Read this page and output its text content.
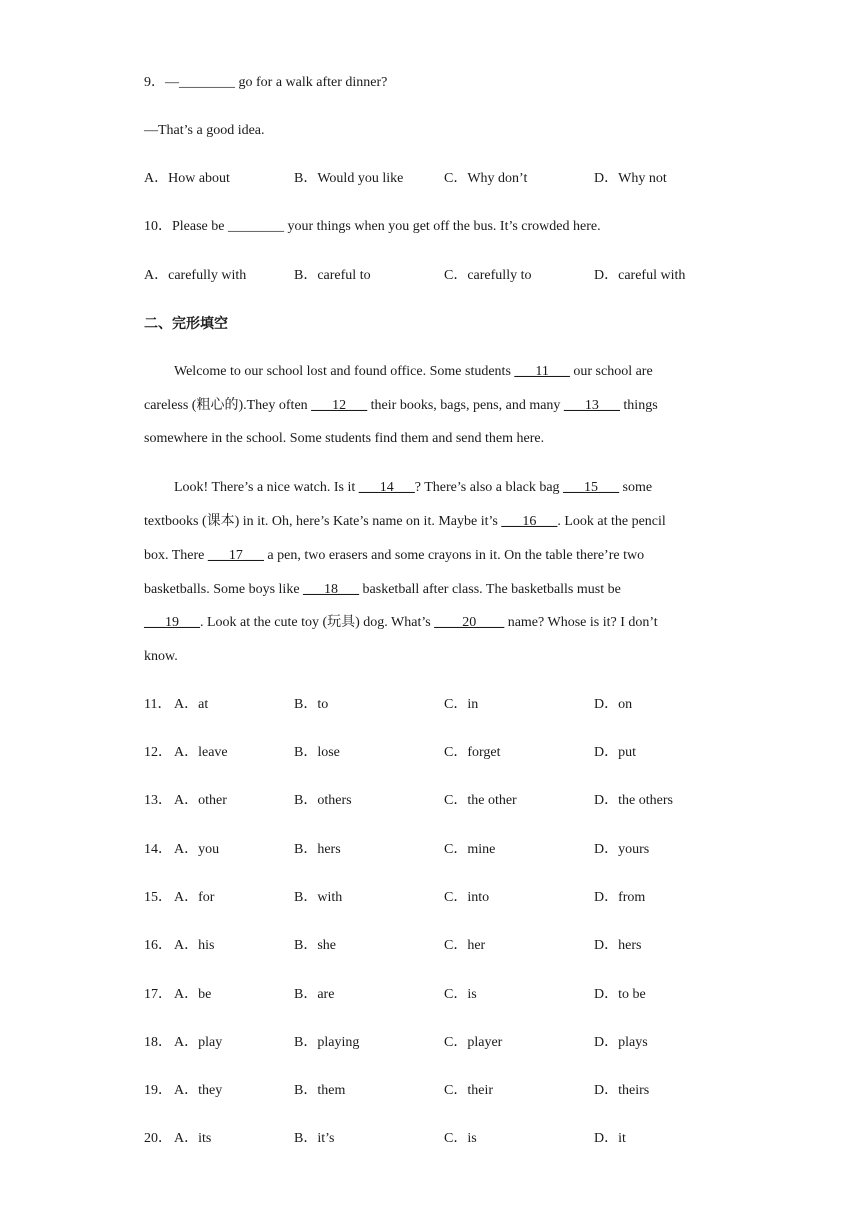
9．—________ go for a walk after dinner?
—That’s a good idea.
A．How about	B．Would you like	C．Why don’t	D．Why not
10．Please be ________ your things when you get off the bus. It’s crowded here.
A．carefully with	B．careful to	C．carefully to	D．careful with
二、完形填空
Welcome to our school lost and found office. Some students ___11___ our school are
careless (粗心的).They often ___12___ their books, bags, pens, and many ___13___ things
somewhere in the school. Some students find them and send them here.
Look! There’s a nice watch. Is it ___14___? There’s also a black bag ___15___ some
textbooks (课本) in it. Oh, here’s Kate’s name on it. Maybe it’s ___16___. Look at the pencil
box. There ___17___ a pen, two erasers and some crayons in it. On the table there’re two
basketballs. Some boys like ___18___ basketball after class. The basketballs must be
___19___. Look at the cute toy (玩具) dog. What’s ____20____ name? Whose is it? I don’t
know.
11． A．at	B．to	C．in	D．on
12． A．leave	B．lose	C．forget	D．put
13． A．other	B．others	C．the other	D．the others
14． A．you	B．hers	C．mine	D．yours
15． A．for	B．with	C．into	D．from
16． A．his	B．she	C．her	D．hers
17． A．be	B．are	C．is	D．to be
18． A．play	B．playing	C．player	D．plays
19． A．they	B．them	C．their	D．theirs
20． A．its	B．it’s	C．is	D．it
